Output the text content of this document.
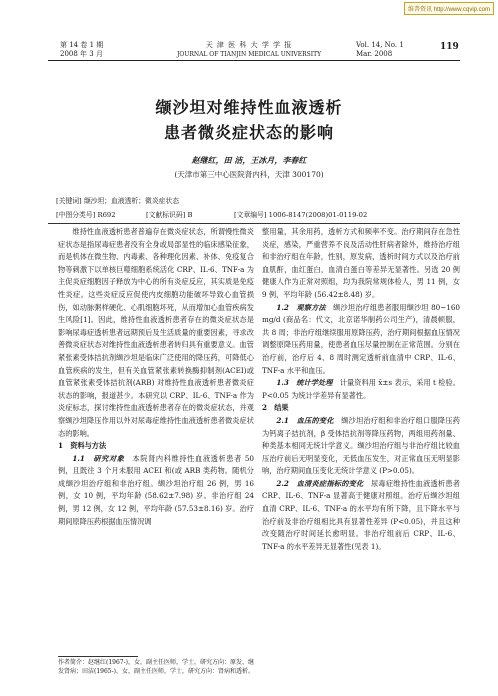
维普资讯 http://www.cqvip.com
第 14 卷 1 期
2008 年 3 月
天 津 医 科 大 学 学 报
JOURNAL OF TIANJIN MEDICAL UNIVERSITY
Vol. 14, No. 1
Mar. 2008
119
缬沙坦对维持性血液透析
患者微炎症状态的影响
赵继红，田 洁，王冰月，李春红
(天津市第三中心医院肾内科，天津 300170)
[关键词] 缬沙坦；血液透析；微炎症状态
[中图分类号] R692	[文献标识码] B	[文章编号] 1006-8147(2008)01-0119-02

维持性血液透析患者普遍存在微炎症状态，所谓慢性微炎症状态是指尿毒症患者没有全身或局部显性的临床感染征象，而是机体在微生物、内毒素、各种理化因素、补体、免疫复合物等刺激下以单核巨噬细胞系统活化 CRP、IL-6、TNF-a 为主促炎症细胞因子释放为中心的所有炎症反应，其实质是免疫性炎症。这些炎症反应促使内皮细胞功能破坏导致心血管损伤，如动脉粥样硬化、心肌细胞坏死，从而增加心血管疾病发生风险[1]。因此，维持性血液透析患者存在的微炎症状态是影响尿毒症透析患者远期预后及生活质量的重要因素，寻求改善微炎症状态对维持性血液透析患者转归具有重要意义。血管紧张素受体拮抗剂缬沙坦是临床广泛使用的降压药，可降低心血管疾病的发生，但有关血管紧张素转换酶抑制剂(ACEI)或血管紧张素受体拮抗剂(ARB) 对维持性血液透析患者微炎症状态的影响，报道甚少。本研究以 CRP、IL-6、TNF-a 作为炎症标志，探讨维持性血液透析患者存在的微炎症状态，并观察缬沙坦降压作用以外对尿毒症维持性血液透析患者微炎症状态的影响。

1　资料与方法

1.1　研究对象　 本院肾内科维持性血液透析患者 50 例，且既往 3 个月未服用 ACEI 和(或 ARB 类药物。随机分成缬沙坦治疗组和非治疗组。缬沙坦治疗组 26 例，男 16 例，女 10 例，平均年龄 (58.62±7.98) 岁。非治疗组 24 例，男 12 例，女 12 例，平均年龄 (57.53±8.16) 岁。治疗期间原降压药根据血压情况调

作者简介：赵继红(1967-)，女，副主任医师，学士，研究方向：原发、继发肾病；田洁(1965-)，女，副主任医师，学士，研究方向：肾病和透析。

整用量，其余用药，透析方式和频率不变。治疗期间存在急性炎症，感染，严重营养不良及活动性肝病者除外，维持治疗组和非治疗组在年龄，性别，原发病，透析时间方式以及治疗前血肌酐，血红蛋白，血清白蛋白等差异无显著性。另选 20 例健康人作为正常对照组，均为我院常规体检人，男 11 例，女 9 例，平均年龄 (56.42±8.48) 岁。

1.2　观察方法　 缬沙坦治疗组患者服用缬沙坦 80~160 mg/d (商品名：代文，北京诺华制药公司生产)，清晨顿服，共 8 周；非治疗组继续服用原降压药，治疗期间根据血压情况调整原降压药用量，使患者血压尽量控制在正常范围。分别在治疗前，治疗后 4、8 周时测定透析前血清中 CRP、IL-6、TNF-a 水平和血压。

1.3　统计学处理　 计量资料用 x̄±s 表示，采用 t 检验。P<0.05 为统计学差异有显著性。

2　结果

2.1　血压的变化　 缬沙坦治疗组和非治疗组口服降压药为钙离子拮抗剂，β 受体拮抗剂等降压药物，两组用药剂量、种类基本相同无统计学意义。缬沙坦治疗组与非治疗组比较血压治疗前后无明显变化，无低血压发生，对正常血压无明显影响，治疗期间血压变化无统计学意义 (P>0.05)。

2.2　血清炎症指标的变化　 尿毒症维持性血液透析患者 CRP、IL-6、TNF-a 显著高于健康对照组。治疗后缬沙坦组血清 CRP、IL-6、TNF-a 的水平均有所下降，且下降水平与治疗前及非治疗组相比具有显著性差异 (P<0.05)，并且这种改变随治疗时间延长愈明显。非治疗组前后 CRP、IL-6、TNF-a 的水平差异无显著性(见表 1)。
